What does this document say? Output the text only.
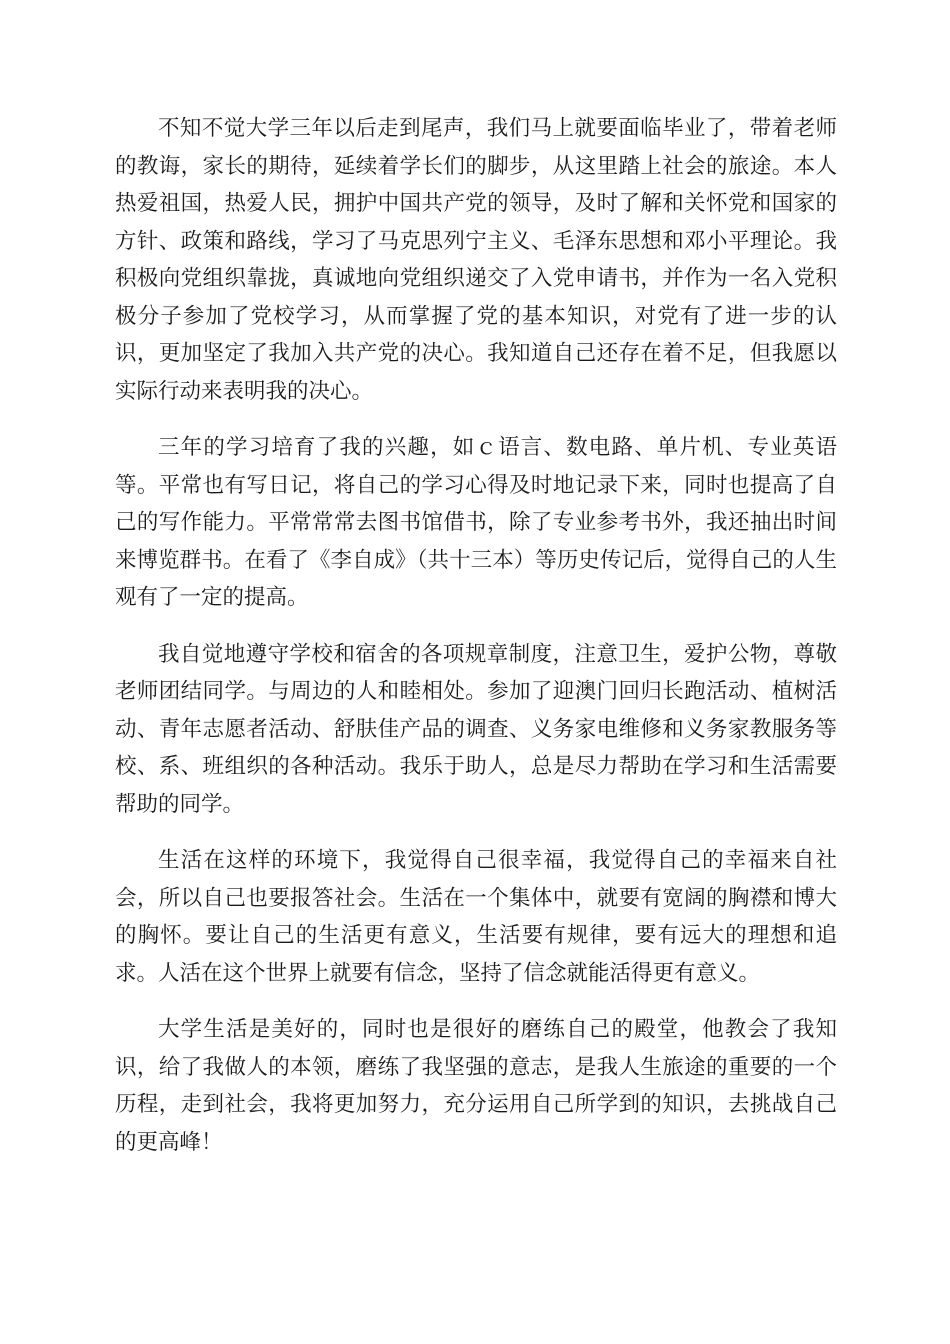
不知不觉大学三年以后走到尾声，我们马上就要面临毕业了，带着老师的教诲，家长的期待，延续着学长们的脚步，从这里踏上社会的旅途。本人热爱祖国，热爱人民，拥护中国共产党的领导，及时了解和关怀党和国家的方针、政策和路线，学习了马克思列宁主义、毛泽东思想和邓小平理论。我积极向党组织靠拢，真诚地向党组织递交了入党申请书，并作为一名入党积极分子参加了党校学习，从而掌握了党的基本知识，对党有了进一步的认识，更加坚定了我加入共产党的决心。我知道自己还存在着不足，但我愿以实际行动来表明我的决心。

三年的学习培育了我的兴趣，如ｃ语言、数电路、单片机、专业英语等。平常也有写日记，将自己的学习心得及时地记录下来，同时也提高了自己的写作能力。平常常常去图书馆借书，除了专业参考书外，我还抽出时间来博览群书。在看了《李自成》（共十三本）等历史传记后，觉得自己的人生观有了一定的提高。

我自觉地遵守学校和宿舍的各项规章制度，注意卫生，爱护公物，尊敬老师团结同学。与周边的人和睦相处。参加了迎澳门回归长跑活动、植树活动、青年志愿者活动、舒肤佳产品的调查、义务家电维修和义务家教服务等校、系、班组织的各种活动。我乐于助人，总是尽力帮助在学习和生活需要帮助的同学。

生活在这样的环境下，我觉得自己很幸福，我觉得自己的幸福来自社会，所以自己也要报答社会。生活在一个集体中，就要有宽阔的胸襟和博大的胸怀。要让自己的生活更有意义，生活要有规律，要有远大的理想和追求。人活在这个世界上就要有信念，坚持了信念就能活得更有意义。

大学生活是美好的，同时也是很好的磨练自己的殿堂，他教会了我知识，给了我做人的本领，磨练了我坚强的意志，是我人生旅途的重要的一个历程，走到社会，我将更加努力，充分运用自己所学到的知识，去挑战自己的更高峰！
